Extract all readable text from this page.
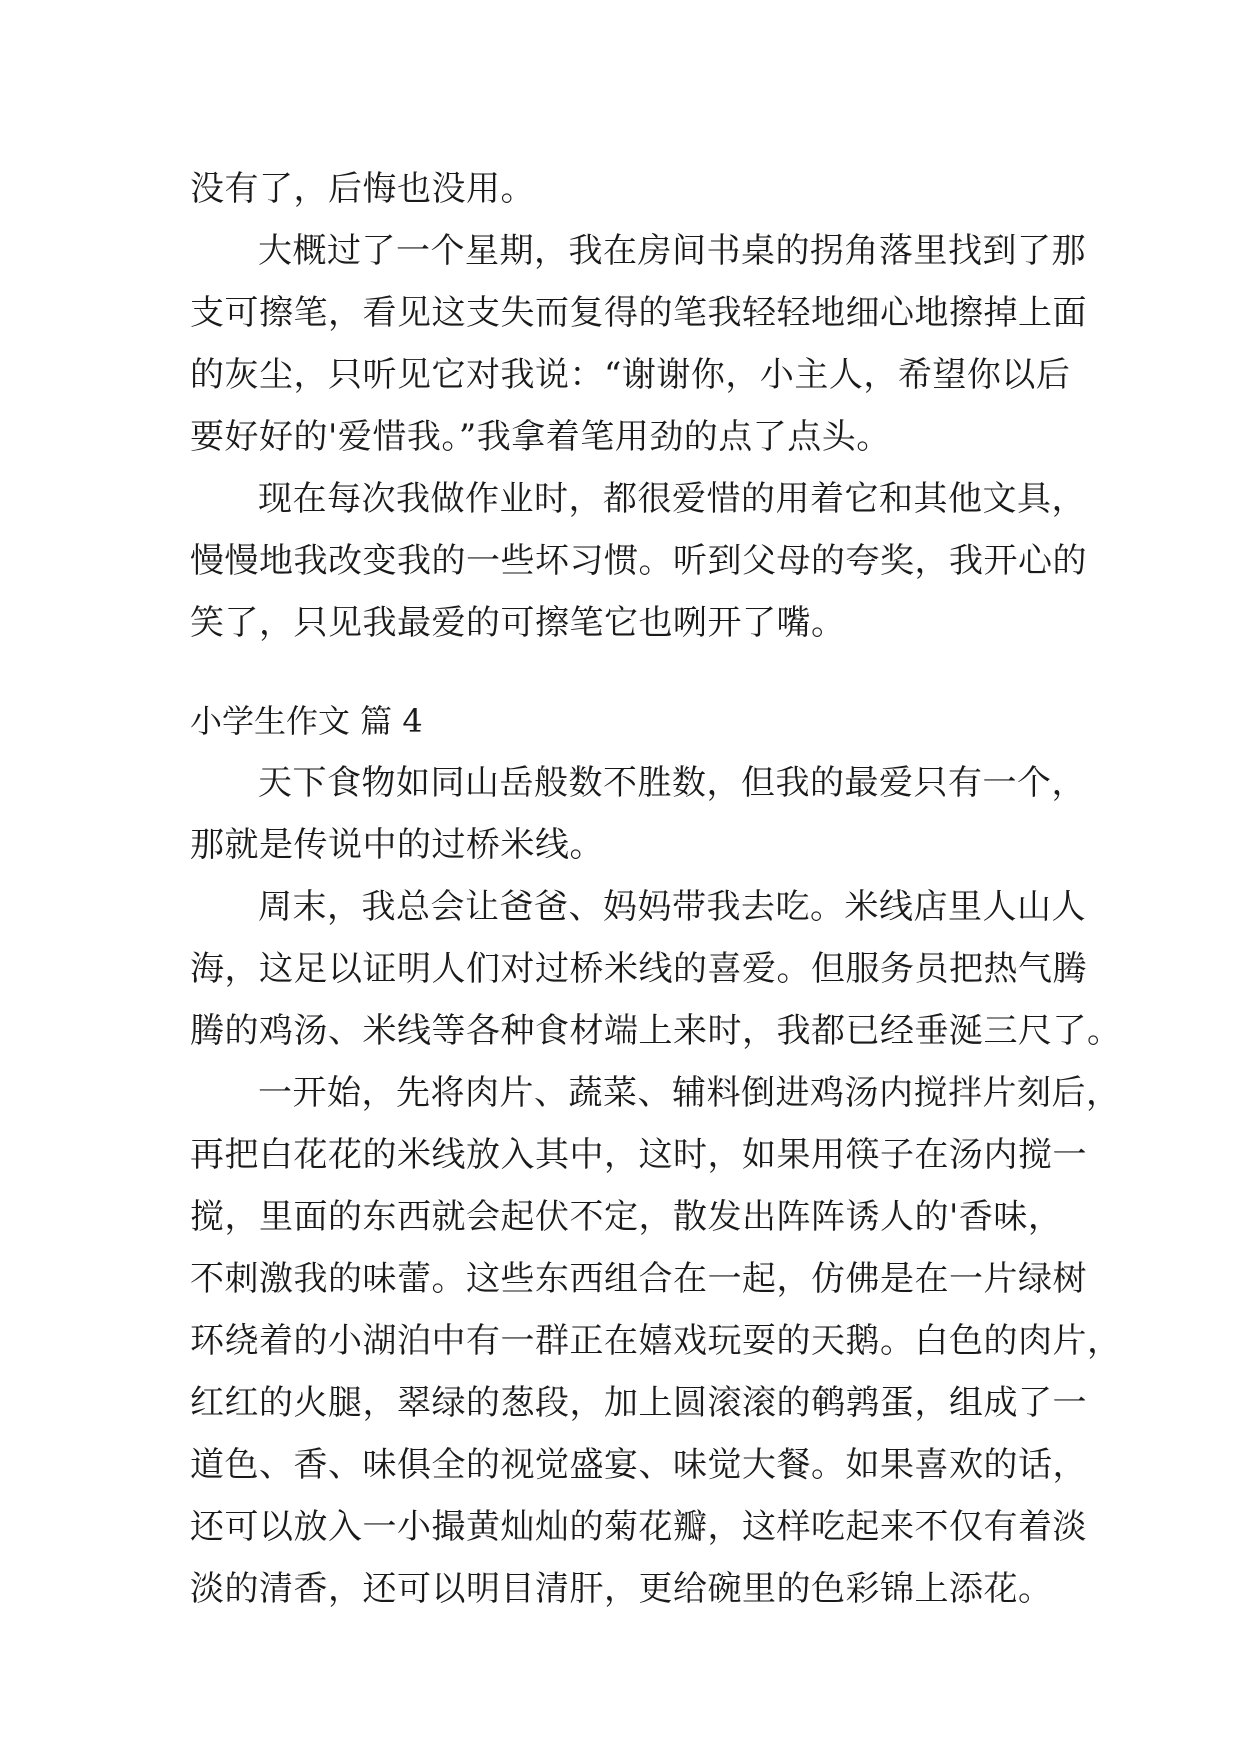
没有了，后悔也没用。
大概过了一个星期，我在房间书桌的拐角落里找到了那
支可擦笔，看见这支失而复得的笔我轻轻地细心地擦掉上面
的灰尘，只听见它对我说：“谢谢你，小主人，希望你以后
要好好的'爱惜我。”我拿着笔用劲的点了点头。
现在每次我做作业时，都很爱惜的用着它和其他文具，
慢慢地我改变我的一些坏习惯。听到父母的夸奖，我开心的
笑了，只见我最爱的可擦笔它也咧开了嘴。
小学生作文 篇 4
天下食物如同山岳般数不胜数，但我的最爱只有一个，
那就是传说中的过桥米线。
周末，我总会让爸爸、妈妈带我去吃。米线店里人山人
海，这足以证明人们对过桥米线的喜爱。但服务员把热气腾
腾的鸡汤、米线等各种食材端上来时，我都已经垂涎三尺了。
一开始，先将肉片、蔬菜、辅料倒进鸡汤内搅拌片刻后，
再把白花花的米线放入其中，这时，如果用筷子在汤内搅一
搅，里面的东西就会起伏不定，散发出阵阵诱人的'香味，
不刺激我的味蕾。这些东西组合在一起，仿佛是在一片绿树
环绕着的小湖泊中有一群正在嬉戏玩耍的天鹅。白色的肉片，
红红的火腿，翠绿的葱段，加上圆滚滚的鹌鹑蛋，组成了一
道色、香、味俱全的视觉盛宴、味觉大餐。如果喜欢的话，
还可以放入一小撮黄灿灿的菊花瓣，这样吃起来不仅有着淡
淡的清香，还可以明目清肝，更给碗里的色彩锦上添花。
